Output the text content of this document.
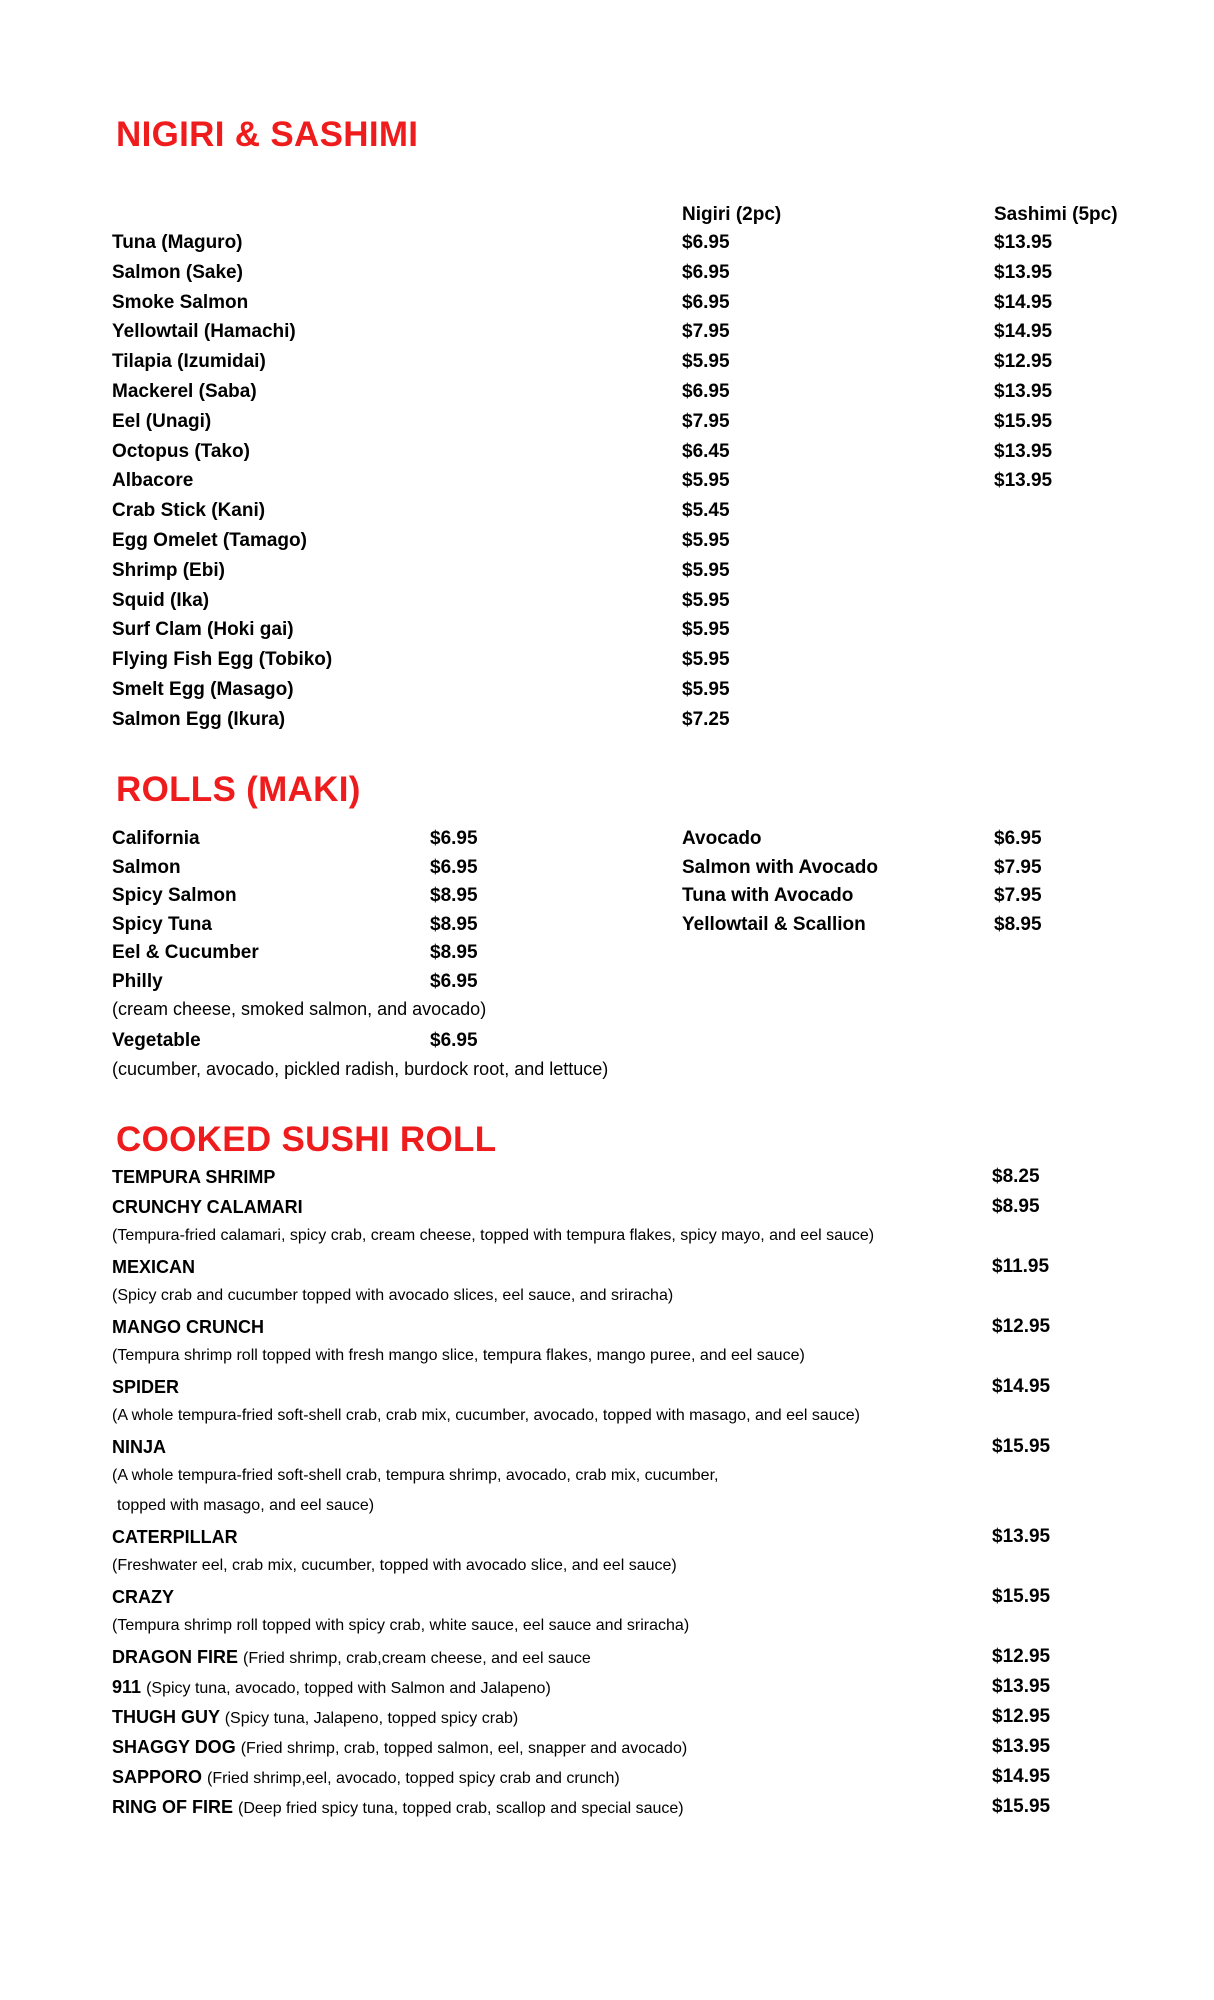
NIGIRI & SASHIMI
Nigiri (2pc)	Sashimi (5pc)
Tuna (Maguro)	$6.95	$13.95
Salmon (Sake)	$6.95	$13.95
Smoke Salmon	$6.95	$14.95
Yellowtail (Hamachi)	$7.95	$14.95
Tilapia (Izumidai)	$5.95	$12.95
Mackerel (Saba)	$6.95	$13.95
Eel (Unagi)	$7.95	$15.95
Octopus (Tako)	$6.45	$13.95
Albacore	$5.95	$13.95
Crab Stick (Kani)	$5.45
Egg Omelet (Tamago)	$5.95
Shrimp (Ebi)	$5.95
Squid (Ika)	$5.95
Surf Clam (Hoki gai)	$5.95
Flying Fish Egg (Tobiko)	$5.95
Smelt Egg (Masago)	$5.95
Salmon Egg (Ikura)	$7.25
ROLLS (MAKI)
California	$6.95
Salmon	$6.95
Spicy Salmon	$8.95
Spicy Tuna	$8.95
Eel & Cucumber	$8.95
Philly	$6.95
(cream cheese, smoked salmon, and avocado)
Vegetable	$6.95
(cucumber, avocado, pickled radish, burdock root, and lettuce)
Avocado	$6.95
Salmon with Avocado	$7.95
Tuna with Avocado	$7.95
Yellowtail & Scallion	$8.95
COOKED SUSHI ROLL
TEMPURA SHRIMP	$8.25
CRUNCHY CALAMARI	$8.95
(Tempura-fried calamari, spicy crab, cream cheese, topped with tempura flakes, spicy mayo, and eel sauce)
MEXICAN	$11.95
(Spicy crab and cucumber topped with avocado slices, eel sauce, and sriracha)
MANGO CRUNCH	$12.95
(Tempura shrimp roll topped with fresh mango slice, tempura flakes, mango puree, and eel sauce)
SPIDER	$14.95
(A whole tempura-fried soft-shell crab, crab mix, cucumber, avocado, topped with masago, and eel sauce)
NINJA	$15.95
(A whole tempura-fried soft-shell crab, tempura shrimp, avocado, crab mix, cucumber,
topped with masago, and eel sauce)
CATERPILLAR	$13.95
(Freshwater eel, crab mix, cucumber, topped with avocado slice, and eel sauce)
CRAZY	$15.95
(Tempura shrimp roll topped with spicy crab, white sauce, eel sauce and sriracha)
DRAGON FIRE (Fried shrimp, crab,cream cheese, and eel sauce	$12.95
911 (Spicy tuna, avocado, topped with Salmon and Jalapeno)	$13.95
THUGH GUY (Spicy tuna, Jalapeno, topped spicy crab)	$12.95
SHAGGY DOG (Fried shrimp, crab, topped salmon, eel, snapper and avocado)	$13.95
SAPPORO (Fried shrimp,eel, avocado, topped spicy crab and crunch)	$14.95
RING OF FIRE (Deep fried spicy tuna, topped crab, scallop and special sauce)	$15.95
